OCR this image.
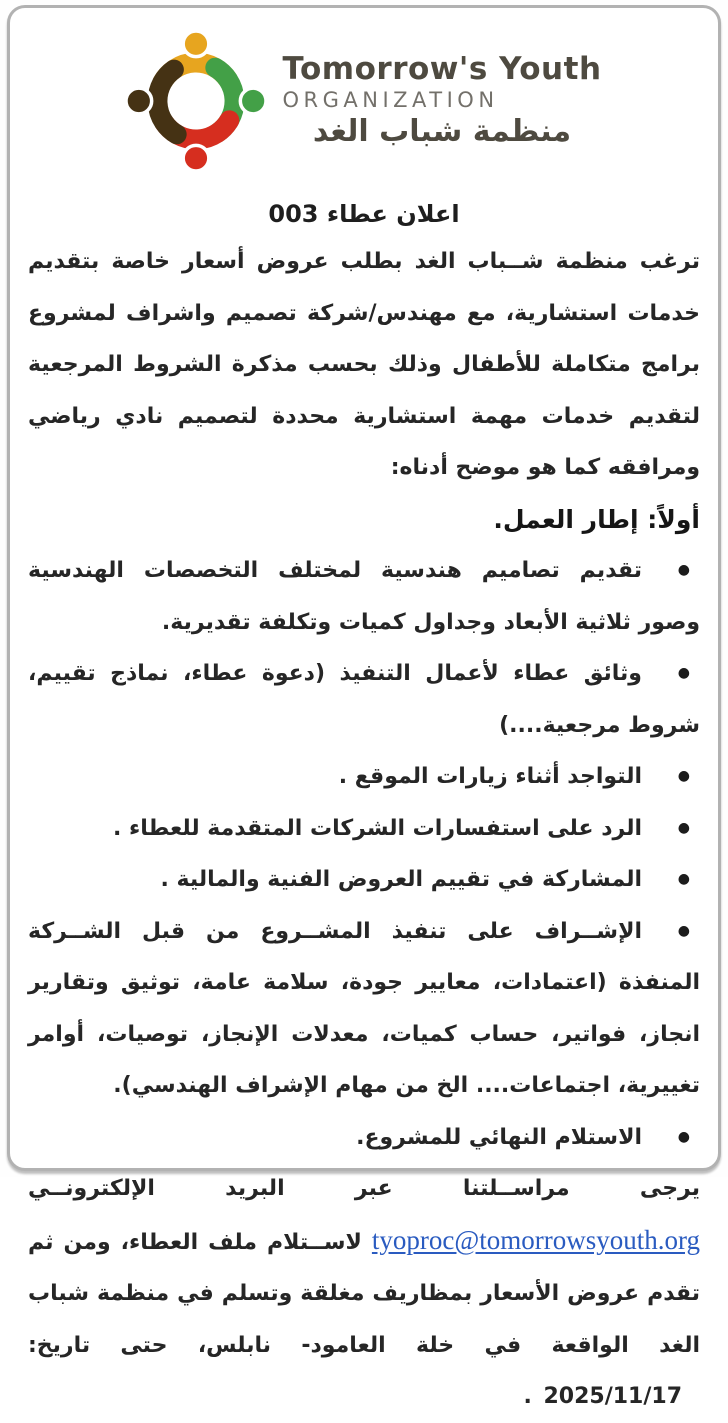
Tomorrow's Youth
ORGANIZATION
منظمة شباب الغد
اعلان عطاء 003

ترغب منظمة شــباب الغد بطلب عروض أسعار خاصة بتقديم خدمات استشارية، مع مهندس/شركة تصميم واشراف لمشروع برامج متكاملة للأطفال وذلك بحسب مذكرة الشروط المرجعية لتقديم خدمات مهمة استشارية محددة لتصميم نادي رياضي ومرافقه كما هو موضح أدناه:

أولاً: إطار العمل.

●
تقديم تصاميم هندسية لمختلف التخصصات الهندسية وصور ثلاثية الأبعاد وجداول كميات وتكلفة تقديرية.
●
وثائق عطاء لأعمال التنفيذ (دعوة عطاء، نماذج تقييم، شروط مرجعية....)
●
التواجد أثناء زيارات الموقع .
●
الرد على استفسارات الشركات المتقدمة للعطاء .
●
المشاركة في تقييم العروض الفنية والمالية .
●
الإشــراف على تنفيذ المشــروع من قبل الشــركة المنفذة (اعتمادات، معايير جودة، سلامة عامة، توثيق وتقارير انجاز، فواتير، حساب كميات، معدلات الإنجاز، توصيات، أوامر تغييرية، اجتماعات.... الخ من مهام الإشراف الهندسي).
●
الاستلام النهائي للمشروع.

يرجى مراســلتنا عبر البريد الإلكترونــي tyoproc@tomorrowsyouth.org لاســتلام ملف العطاء، ومن ثم تقدم عروض الأسعار بمظاريف مغلقة وتسلم في منظمة شباب الغد الواقعة في خلة العامود- نابلس، حتى تاريخ: 2025/11/17 .
